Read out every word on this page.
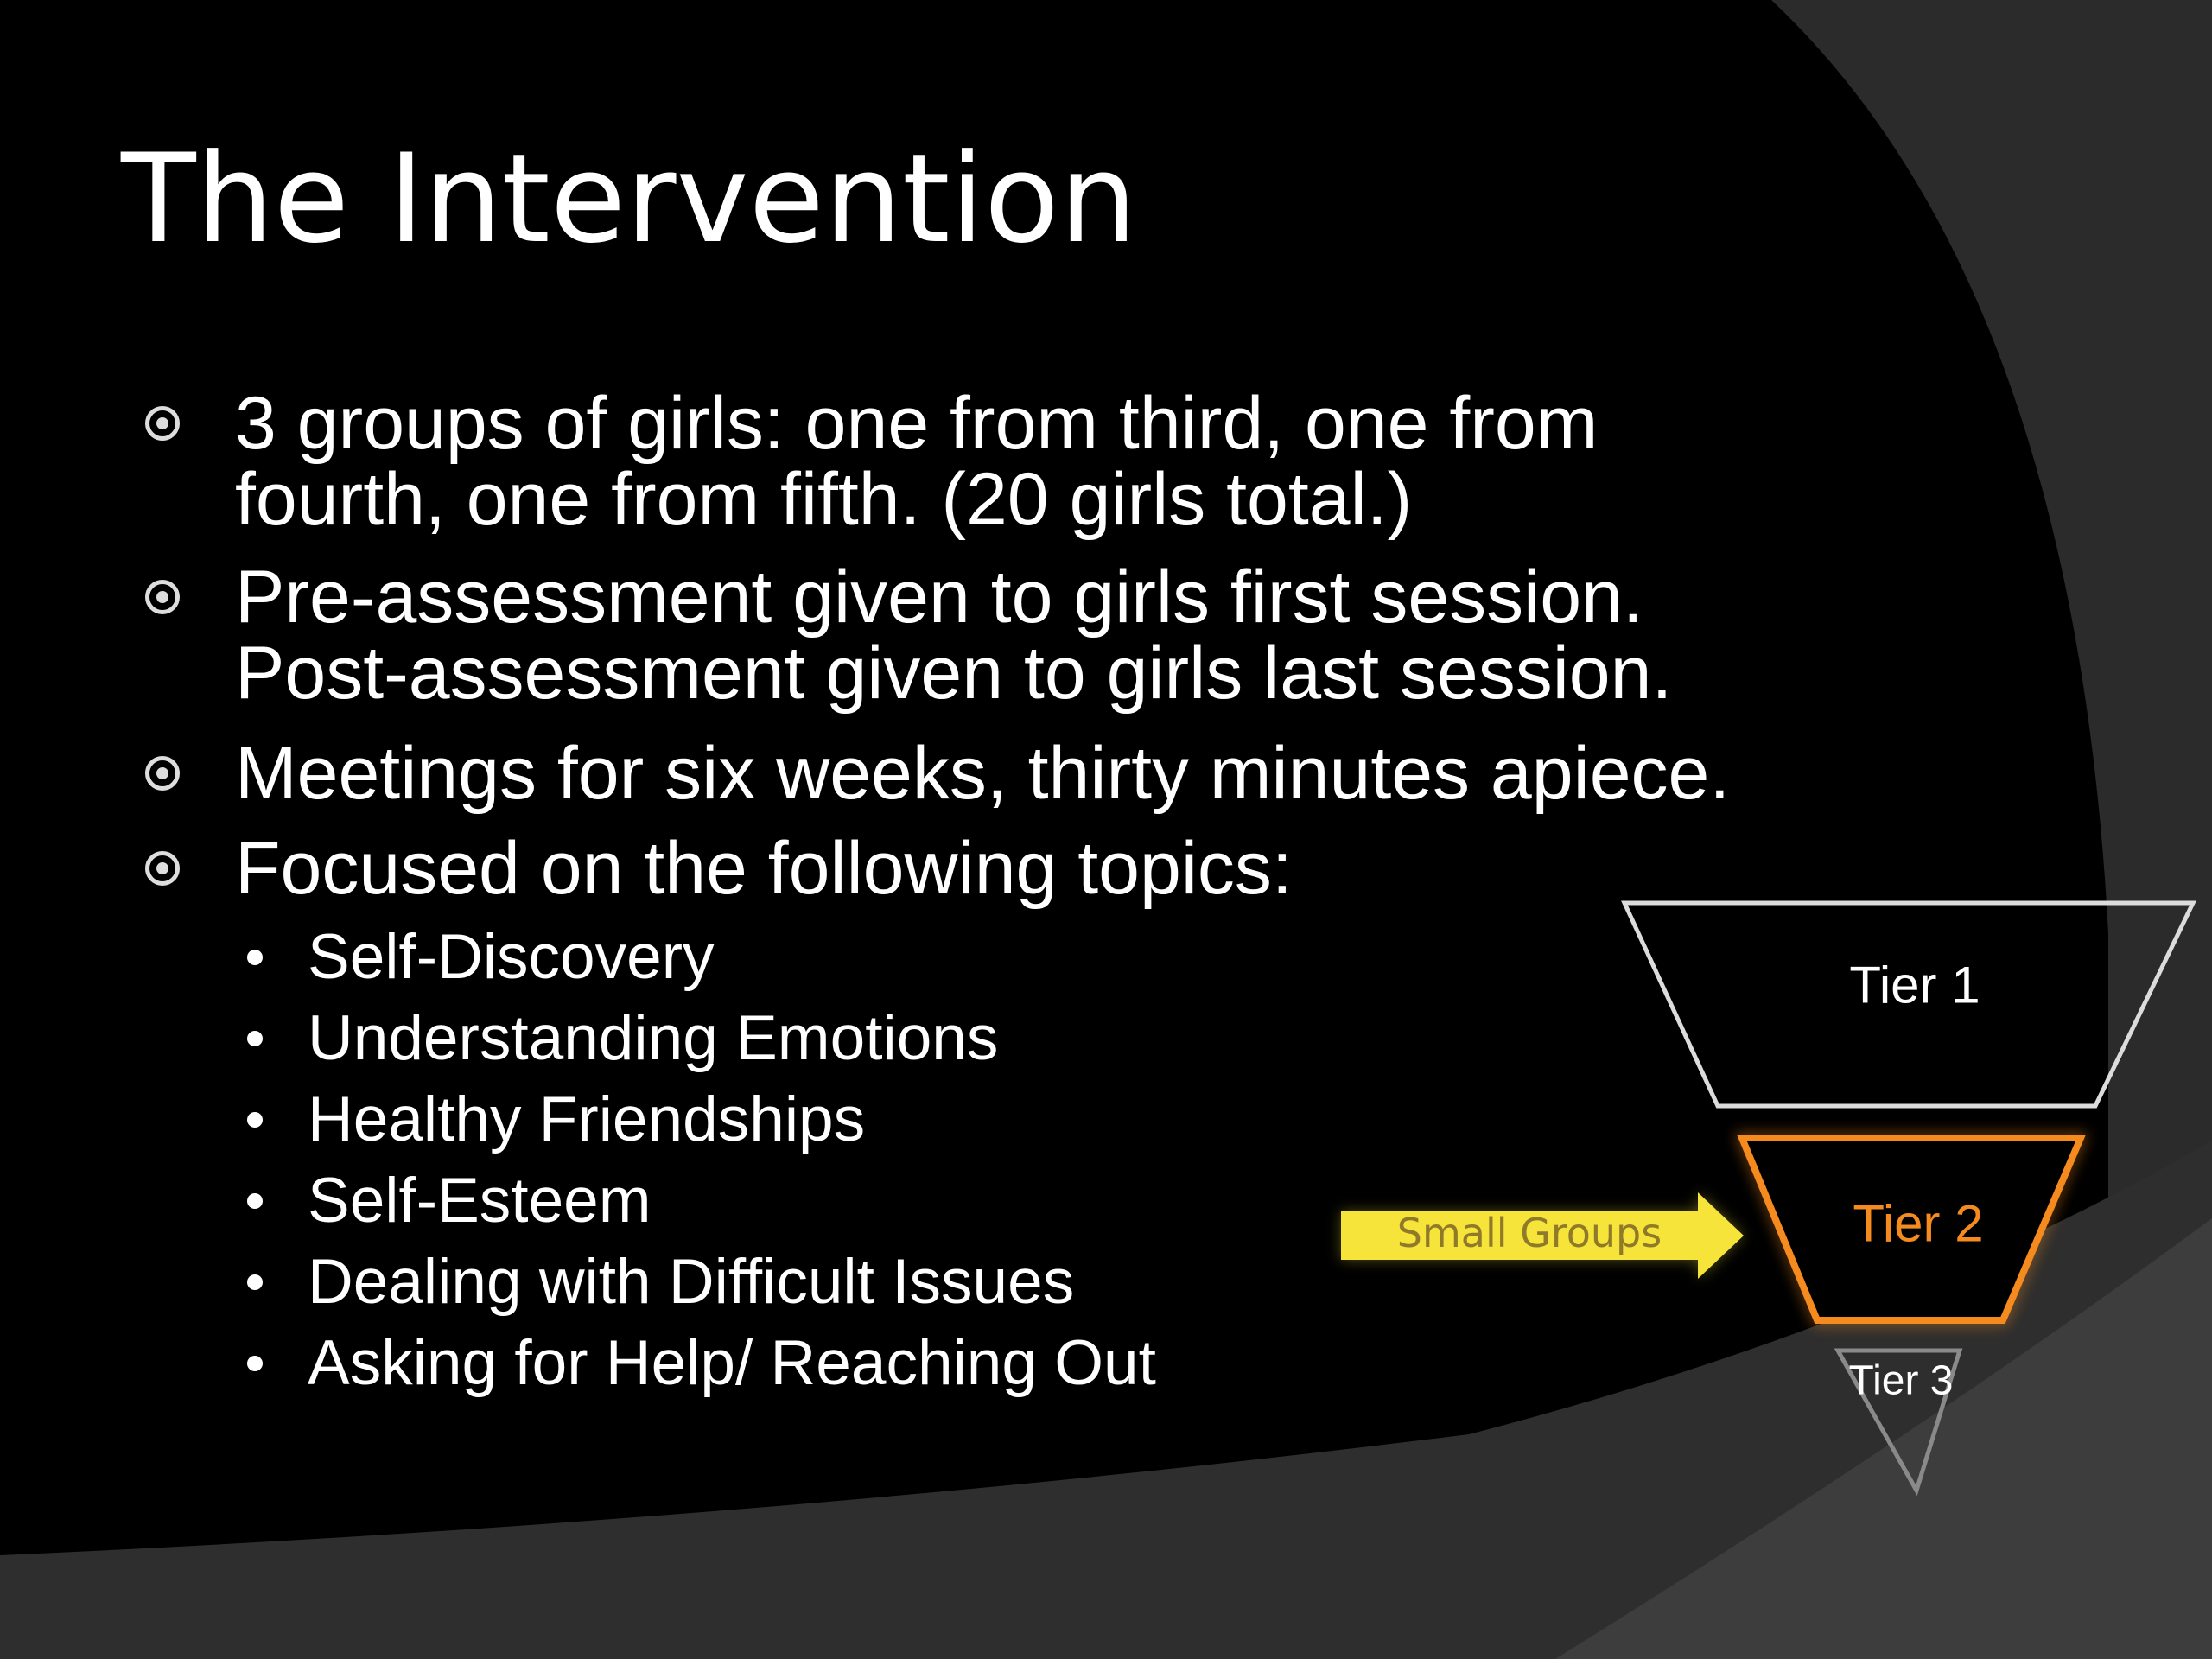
The Intervention
3 groups of girls: one from third, one from
fourth, one from fifth. (20 girls total.)
Pre-assessment given to girls first session.
Post-assessment given to girls last session.
Meetings for six weeks, thirty minutes apiece.
Focused on the following topics:
Self-Discovery
Understanding Emotions
Healthy Friendships
Self-Esteem
Dealing with Difficult Issues
Asking for Help/ Reaching Out
Tier 1
Tier 2
Tier 3
Small Groups
